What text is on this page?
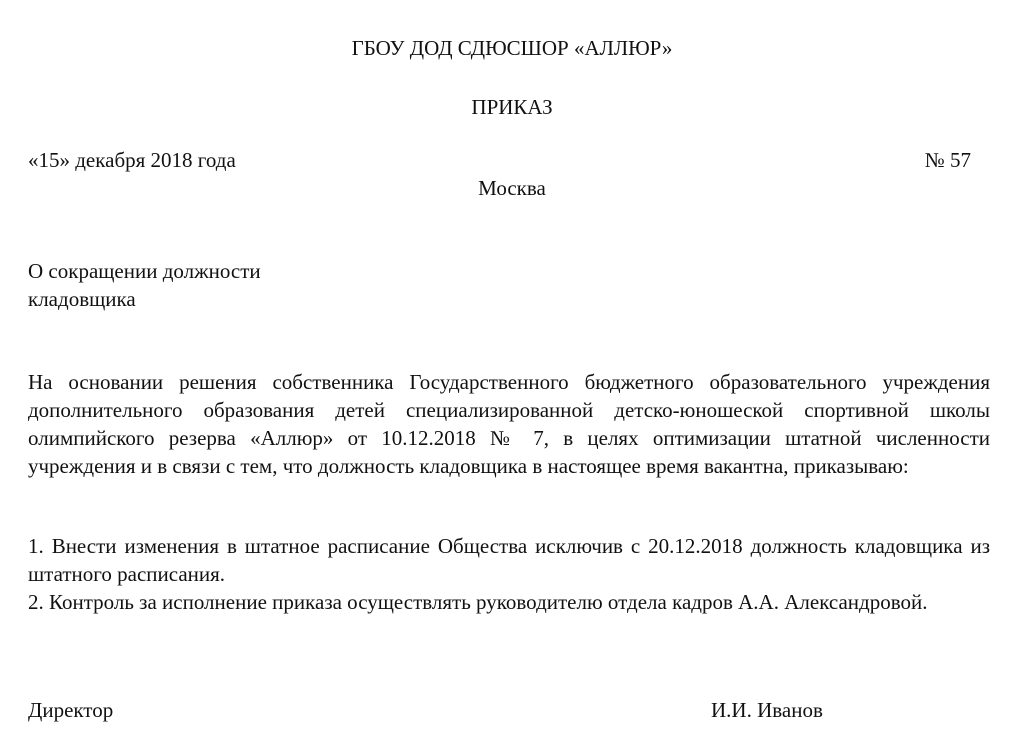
ГБОУ ДОД СДЮСШОР «АЛЛЮР»
ПРИКАЗ
«15» декабря 2018 года	№ 57
Москва
О сокращении должности
кладовщика
На основании решения собственника Государственного бюджетного образовательного учреждения дополнительного образования детей специализированной детско-юношеской спортивной школы олимпийского резерва «Аллюр» от 10.12.2018 № 7, в целях оптимизации штатной численности учреждения и в связи с тем, что должность кладовщика в настоящее время вакантна, приказываю:
1. Внести изменения в штатное расписание Общества исключив с 20.12.2018 должность кладовщика из штатного расписания.
2. Контроль за исполнение приказа осуществлять руководителю отдела кадров А.А. Александровой.
Директор	И.И. Иванов
